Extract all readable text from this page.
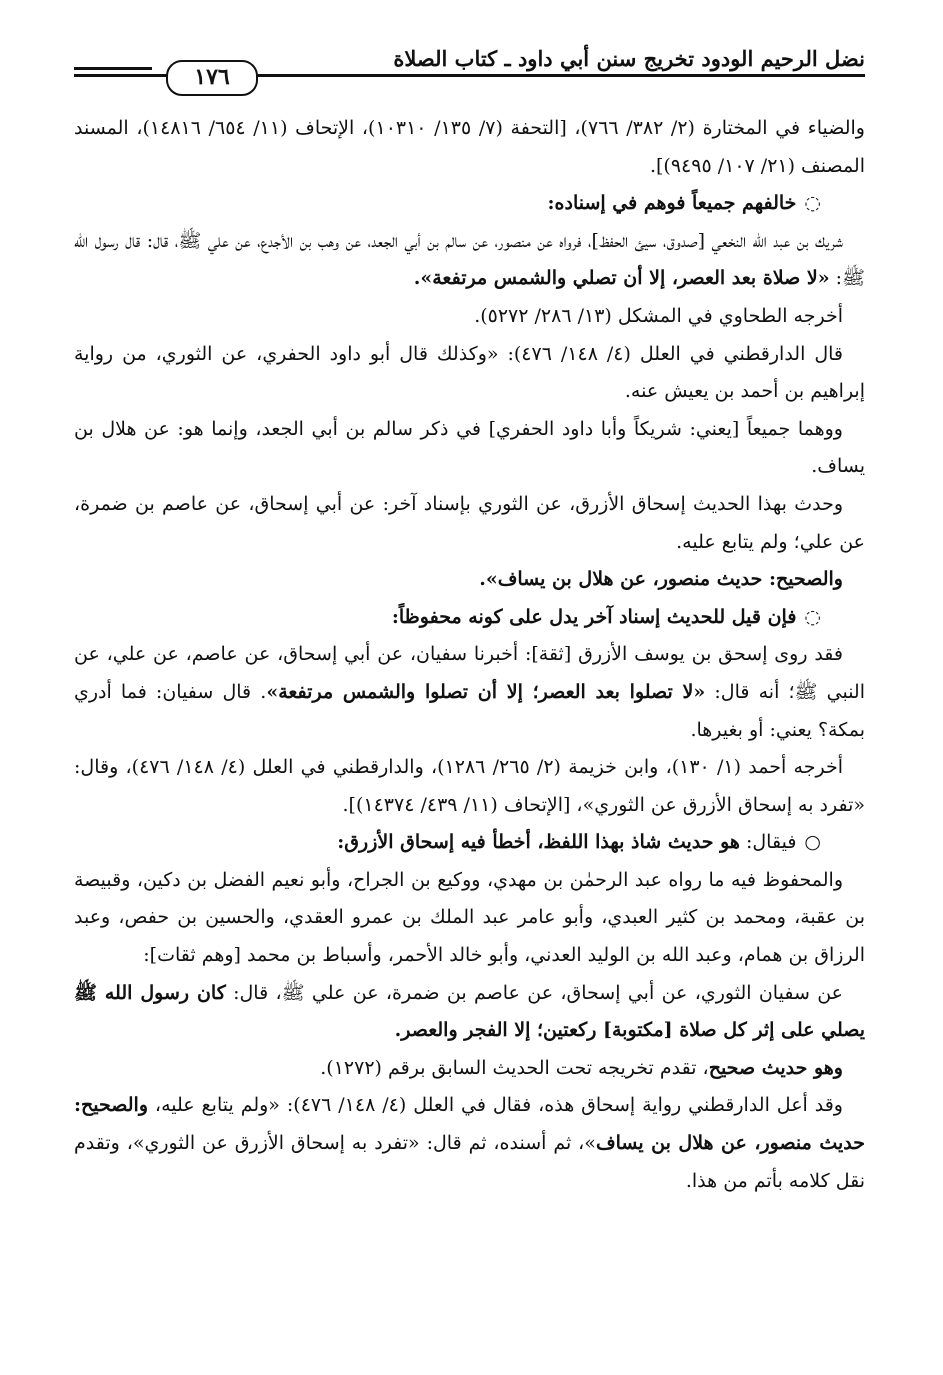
نضل الرحيم الودود تخريج سنن أبي داود ـ كتاب الصلاة
١٧٦

والضياء في المختارة (٢/ ٣٨٢/ ٧٦٦)، [التحفة (٧/ ١٣٥/ ١٠٣١٠)، الإتحاف (١١/ ٦٥٤/ ١٤٨١٦)، المسند المصنف (٢١/ ١٠٧/ ٩٤٩٥)].

◌خالفهم جميعاً فوهم في إسناده:

شريك بن عبد الله النخعي [صدوق، سيئ الحفظ]، فرواه عن منصور، عن سالم بن أبي الجعد، عن وهب بن الأجدع، عن علي ﷺ، قال: قال رسول الله ﷺ: «لا صلاة بعد العصر، إلا أن تصلي والشمس مرتفعة».

أخرجه الطحاوي في المشكل (١٣/ ٢٨٦/ ٥٢٧٢).

قال الدارقطني في العلل (٤/ ١٤٨/ ٤٧٦): «وكذلك قال أبو داود الحفري، عن الثوري، من رواية إبراهيم بن أحمد بن يعيش عنه.

ووهما جميعاً [يعني: شريكاً وأبا داود الحفري] في ذكر سالم بن أبي الجعد، وإنما هو: عن هلال بن يساف.

وحدث بهذا الحديث إسحاق الأزرق، عن الثوري بإسناد آخر: عن أبي إسحاق، عن عاصم بن ضمرة، عن علي؛ ولم يتابع عليه.

والصحيح: حديث منصور، عن هلال بن يساف».

◌فإن قيل للحديث إسناد آخر يدل على كونه محفوظاً:

فقد روى إسحق بن يوسف الأزرق [ثقة]: أخبرنا سفيان، عن أبي إسحاق، عن عاصم، عن علي، عن النبي ﷺ؛ أنه قال: «لا تصلوا بعد العصر؛ إلا أن تصلوا والشمس مرتفعة». قال سفيان: فما أدري بمكة؟ يعني: أو بغيرها.

أخرجه أحمد (١/ ١٣٠)، وابن خزيمة (٢/ ٢٦٥/ ١٢٨٦)، والدارقطني في العلل (٤/ ١٤٨/ ٤٧٦)، وقال: «تفرد به إسحاق الأزرق عن الثوري»، [الإتحاف (١١/ ٤٣٩/ ١٤٣٧٤)].

○فيقال: هو حديث شاذ بهذا اللفظ، أخطأ فيه إسحاق الأزرق:

والمحفوظ فيه ما رواه عبد الرحمٰن بن مهدي، ووكيع بن الجراح، وأبو نعيم الفضل بن دكين، وقبيصة بن عقبة، ومحمد بن كثير العبدي، وأبو عامر عبد الملك بن عمرو العقدي، والحسين بن حفص، وعبد الرزاق بن همام، وعبد الله بن الوليد العدني، وأبو خالد الأحمر، وأسباط بن محمد [وهم ثقات]:

عن سفيان الثوري، عن أبي إسحاق، عن عاصم بن ضمرة، عن علي ﷺ، قال: كان رسول الله ﷺ يصلي على إثر كل صلاة [مكتوبة] ركعتين؛ إلا الفجر والعصر.

وهو حديث صحيح، تقدم تخريجه تحت الحديث السابق برقم (١٢٧٢).

وقد أعل الدارقطني رواية إسحاق هذه، فقال في العلل (٤/ ١٤٨/ ٤٧٦): «ولم يتابع عليه، والصحيح: حديث منصور، عن هلال بن يساف»، ثم أسنده، ثم قال: «تفرد به إسحاق الأزرق عن الثوري»، وتقدم نقل كلامه بأتم من هذا.
